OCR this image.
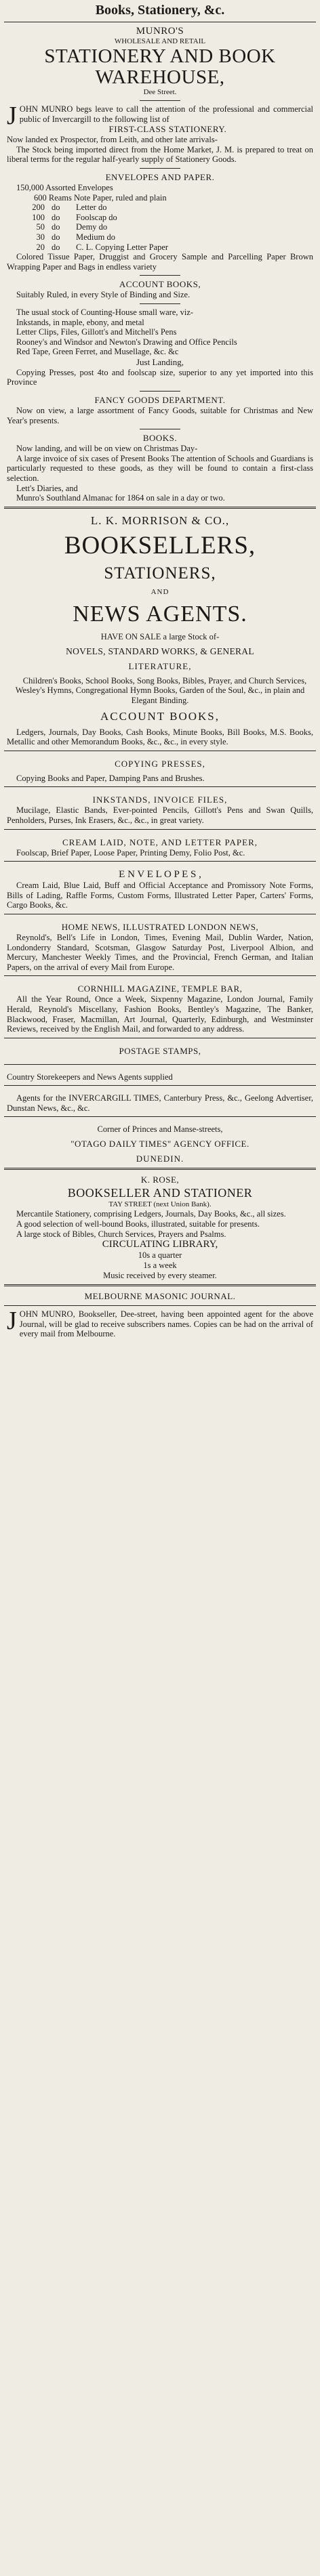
Books, Stationery, &c.
MUNRO'S
WHOLESALE AND RETAIL
STATIONERY AND BOOK
WAREHOUSE,
Dee Street.
JOHN MUNRO begs leave to call the attention of the professional and commercial public of Invercargill to the following list of
FIRST-CLASS STATIONERY.
Now landed ex Prospector, from Leith, and other late arrivals-
The Stock being imported direct from the Home Market, J. M. is prepared to treat on liberal terms for the regular half-yearly supply of Stationery Goods.
ENVELOPES AND PAPER.
150,000 Assorted Envelopes
600 Reams Note Paper, ruled and plain
200 do	Letter do
100 do	Foolscap do
50 do	Demy do
30 do	Medium do
20 do	C. L. Copying Letter Paper
Colored Tissue Paper, Druggist and Grocery Sample and Parcelling Paper Brown Wrapping Paper and Bags in endless variety
ACCOUNT BOOKS,
Suitably Ruled, in every Style of Binding and Size.
The usual stock of Counting-House small ware, viz-
Inkstands, in maple, ebony, and metal
Letter Clips, Files, Gillott's and Mitchell's Pens
Rooney's and Windsor and Newton's Drawing and Office Pencils
Red Tape, Green Ferret, and Musellage, &c. &c
Just Landing,
Copying Presses, post 4to and foolscap size, superior to any yet imported into this Province
FANCY GOODS DEPARTMENT.
Now on view, a large assortment of Fancy Goods, suitable for Christmas and New Year's presents.
BOOKS.
Now landing, and will be on view on Christmas Day-
A large invoice of six cases of Present Books The attention of Schools and Guardians is particularly requested to these goods, as they will be found to contain a first-class selection.
Lett's Diaries, and
Munro's Southland Almanac for 1864 on sale in a day or two.
L. K. MORRISON & CO.,
BOOKSELLERS,
STATIONERS,
AND
NEWS AGENTS.
HAVE ON SALE a large Stock of-
NOVELS, STANDARD WORKS, & GENERAL
LITERATURE,
Children's Books, School Books, Song Books, Bibles, Prayer, and Church Services, Wesley's Hymns, Congregational Hymn Books, Garden of the Soul, &c., in plain and Elegant Binding.
ACCOUNT BOOKS,
Ledgers, Journals, Day Books, Cash Books, Minute Books, Bill Books, M.S. Books, Metallic and other Memorandum Books, &c., &c., in every style.
COPYING PRESSES,
Copying Books and Paper, Damping Pans and Brushes.
INKSTANDS, INVOICE FILES,
Mucilage, Elastic Bands, Ever-pointed Pencils, Gillott's Pens and Swan Quills, Penholders, Purses, Ink Erasers, &c., &c., in great variety.
CREAM LAID, NOTE, AND LETTER PAPER,
Foolscap, Brief Paper, Loose Paper, Printing Demy, Folio Post, &c.
E N V E L O P E S ,
Cream Laid, Blue Laid, Buff and Official Acceptance and Promissory Note Forms, Bills of Lading, Raffle Forms, Custom Forms, Illustrated Letter Paper, Carters' Forms, Cargo Books, &c.
HOME NEWS, ILLUSTRATED LONDON NEWS,
Reynold's, Bell's Life in London, Times, Evening Mail, Dublin Warder, Nation, Londonderry Standard, Scotsman, Glasgow Saturday Post, Liverpool Albion, and Mercury, Manchester Weekly Times, and the Provincial, French German, and Italian Papers, on the arrival of every Mail from Europe.
CORNHILL MAGAZINE, TEMPLE BAR,
All the Year Round, Once a Week, Sixpenny Magazine, London Journal, Family Herald, Reynold's Miscellany, Fashion Books, Bentley's Magazine, The Banker, Blackwood, Fraser, Macmillan, Art Journal, Quarterly, Edinburgh, and Westminster Reviews, received by the English Mail, and forwarded to any address.
POSTAGE STAMPS,
Country Storekeepers and News Agents supplied
Agents for the INVERCARGILL TIMES, Canterbury Press, &c., Geelong Advertiser, Dunstan News, &c., &c.
Corner of Princes and Manse-streets,
"OTAGO DAILY TIMES" AGENCY OFFICE.
DUNEDIN.
K. ROSE,
BOOKSELLER AND STATIONER
TAY STREET (next Union Bank).
Mercantile Stationery, comprising Ledgers, Journals, Day Books, &c., all sizes.
A good selection of well-bound Books, illustrated, suitable for presents.
A large stock of Bibles, Church Services, Prayers and Psalms.
CIRCULATING LIBRARY,
10s a quarter
1s a week
Music received by every steamer.
MELBOURNE MASONIC JOURNAL.
JOHN MUNRO, Bookseller, Dee-street, having been appointed agent for the above Journal, will be glad to receive subscribers names. Copies can be had on the arrival of every mail from Melbourne.
